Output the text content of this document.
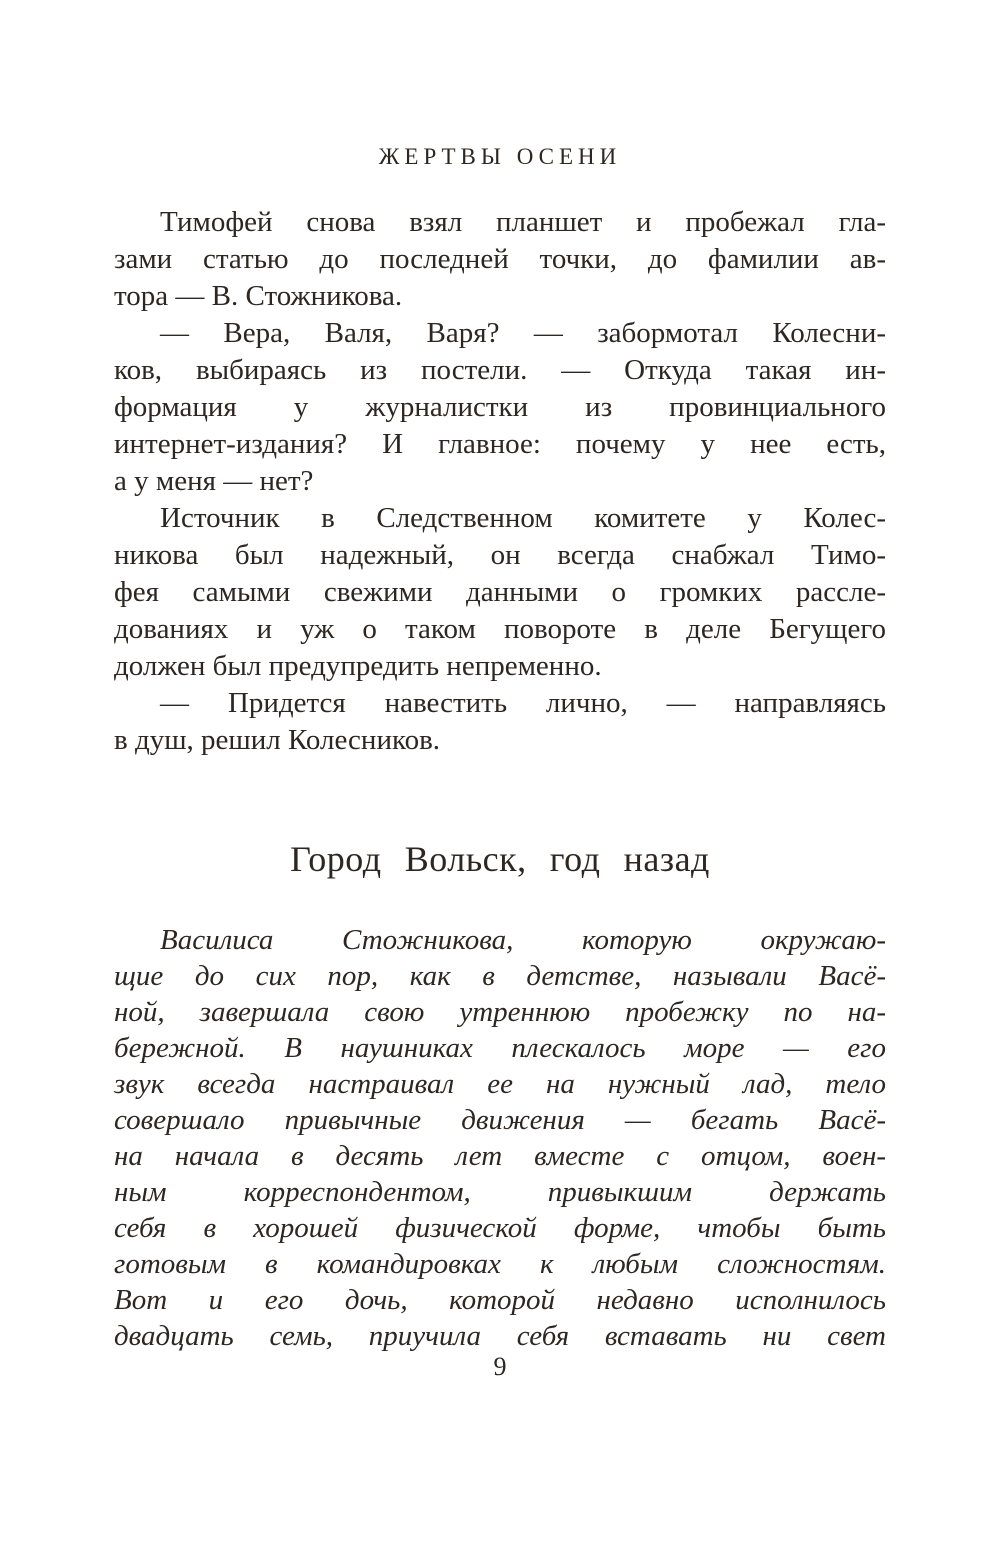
ЖЕРТВЫ ОСЕНИ
Тимофей снова взял планшет и пробежал гла-
зами статью до последней точки, до фамилии ав-
тора — В. Стожникова.
— Вера, Валя, Варя? — забормотал Колесни-
ков, выбираясь из постели. — Откуда такая ин-
формация у журналистки из провинциального
интернет-издания? И главное: почему у нее есть,
а у меня — нет?
Источник в Следственном комитете у Колес-
никова был надежный, он всегда снабжал Тимо-
фея самыми свежими данными о громких рассле-
дованиях и уж о таком повороте в деле Бегущего
должен был предупредить непременно.
— Придется навестить лично, — направляясь
в душ, решил Колесников.
Город Вольск, год назад
Василиса Стожникова, которую окружаю-
щие до сих пор, как в детстве, называли Васё-
ной, завершала свою утреннюю пробежку по на-
бережной. В наушниках плескалось море — его
звук всегда настраивал ее на нужный лад, тело
совершало привычные движения — бегать Васё-
на начала в десять лет вместе с отцом, воен-
ным корреспондентом, привыкшим держать
себя в хорошей физической форме, чтобы быть
готовым в командировках к любым сложностям.
Вот и его дочь, которой недавно исполнилось
двадцать семь, приучила себя вставать ни свет
9
